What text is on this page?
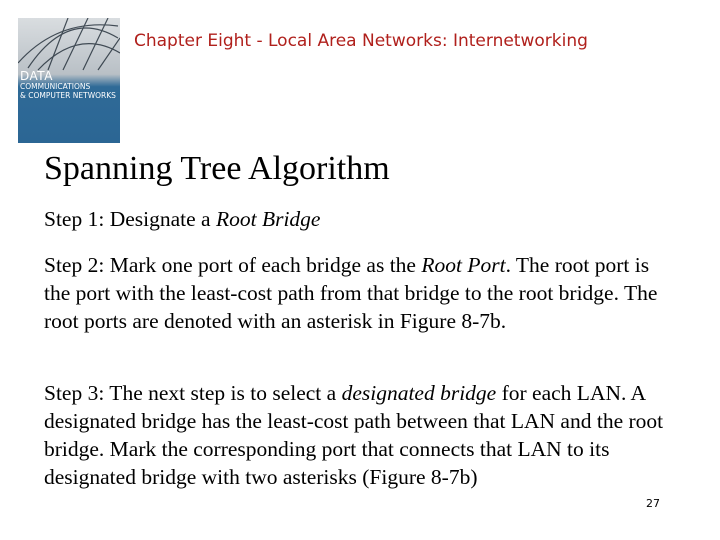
DATA
COMMUNICATIONS
& COMPUTER NETWORKS
Chapter Eight - Local Area Networks: Internetworking
Spanning Tree Algorithm

Step 1: Designate a Root Bridge

Step 2: Mark one port of each bridge as the Root Port. The root port is the port with the least-cost path from that bridge to the root bridge. The root ports are denoted with an asterisk in Figure 8-7b.

Step 3: The next step is to select a designated bridge for each LAN. A designated bridge has the least-cost path between that LAN and the root bridge. Mark the corresponding port that connects that LAN to its designated bridge with two asterisks (Figure 8-7b)

27
